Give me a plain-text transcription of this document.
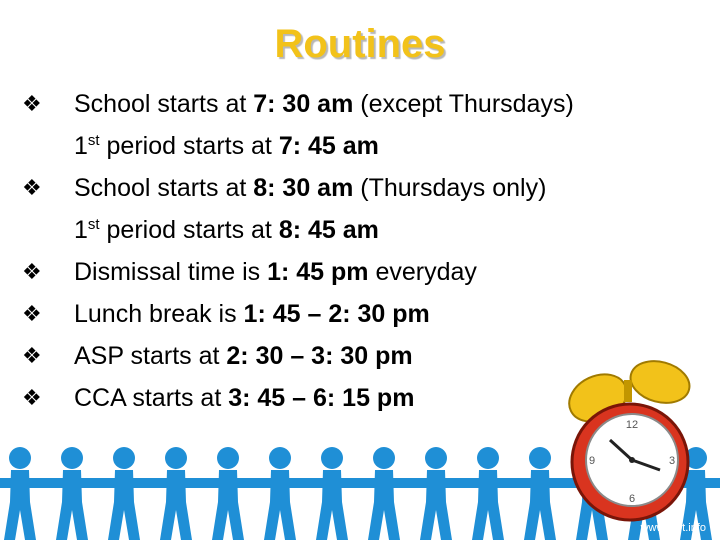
Routines
❖ School starts at 7: 30 am (except Thursdays)
1st period starts at 7: 45 am
❖ School starts at 8: 30 am (Thursdays only)
1st period starts at 8: 45 am
❖ Dismissal time is 1: 45 pm everyday
❖ Lunch break is 1: 45 – 2: 30 pm
❖ ASP starts at 2: 30 – 3: 30 pm
❖ CCA starts at 3: 45 – 6: 15 pm
12
3
6
9
www.fppt.info
